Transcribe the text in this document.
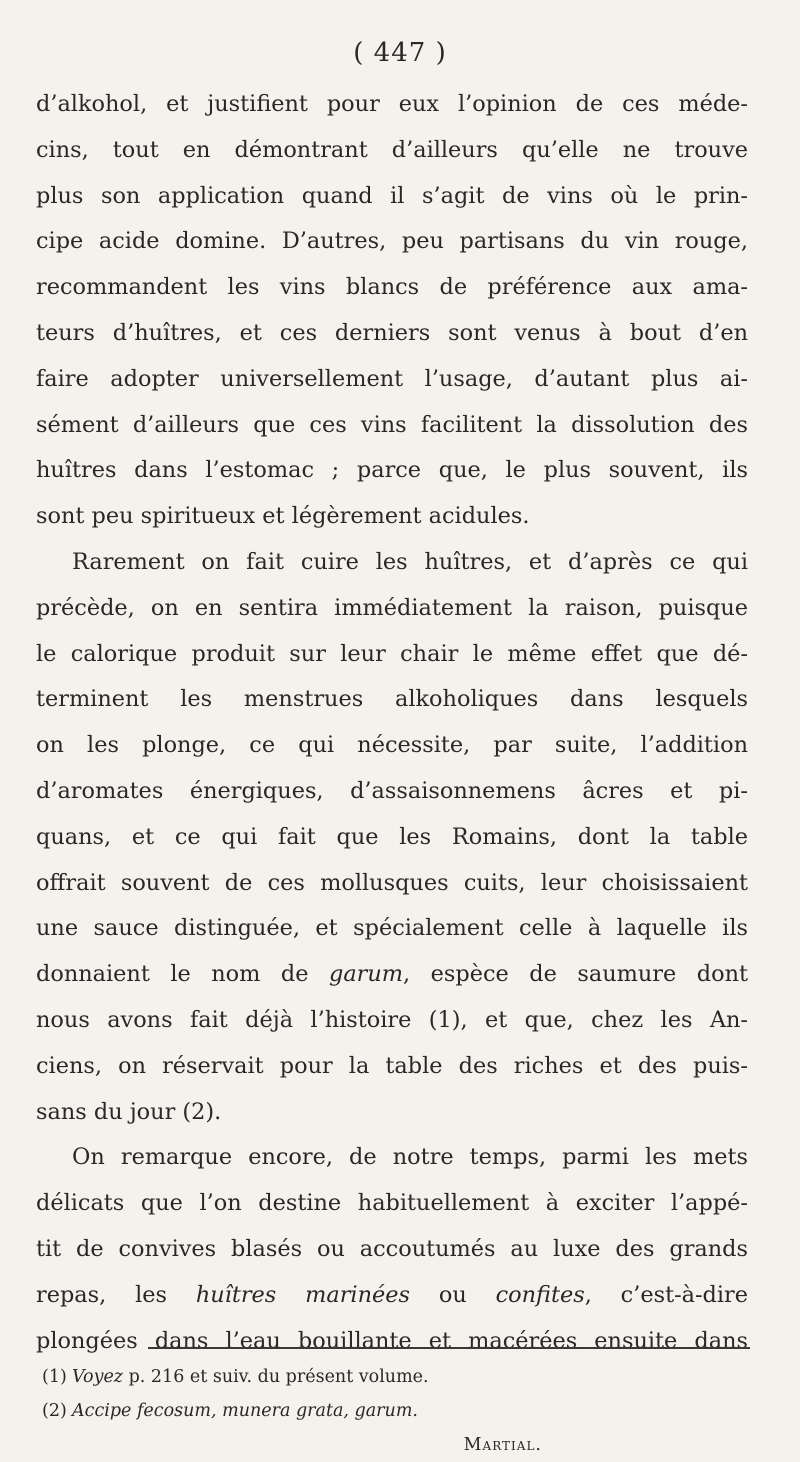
( 447 )
d’alkohol, et justifient pour eux l’opinion de ces méde-
cins, tout en démontrant d’ailleurs qu’elle ne trouve
plus son application quand il s’agit de vins où le prin-
cipe acide domine. D’autres, peu partisans du vin rouge,
recommandent les vins blancs de préférence aux ama-
teurs d’huîtres, et ces derniers sont venus à bout d’en
faire adopter universellement l’usage, d’autant plus ai-
sément d’ailleurs que ces vins facilitent la dissolution des
huîtres dans l’estomac ; parce que, le plus souvent, ils
sont peu spiritueux et légèrement acidules.
Rarement on fait cuire les huîtres, et d’après ce qui
précède, on en sentira immédiatement la raison, puisque
le calorique produit sur leur chair le même effet que dé-
terminent les menstrues alkoholiques dans lesquels
on les plonge, ce qui nécessite, par suite, l’addition
d’aromates énergiques, d’assaisonnemens âcres et pi-
quans, et ce qui fait que les Romains, dont la table
offrait souvent de ces mollusques cuits, leur choisissaient
une sauce distinguée, et spécialement celle à laquelle ils
donnaient le nom de garum, espèce de saumure dont
nous avons fait déjà l’histoire (1), et que, chez les An-
ciens, on réservait pour la table des riches et des puis-
sans du jour (2).
On remarque encore, de notre temps, parmi les mets
délicats que l’on destine habituellement à exciter l’appé-
tit de convives blasés ou accoutumés au luxe des grands
repas, les huîtres marinées ou confites, c’est-à-dire
plongées dans l’eau bouillante et macérées ensuite dans
(1) Voyez p. 216 et suiv. du présent volume.
(2) Accipe fecosum, munera grata, garum.
Martial.
